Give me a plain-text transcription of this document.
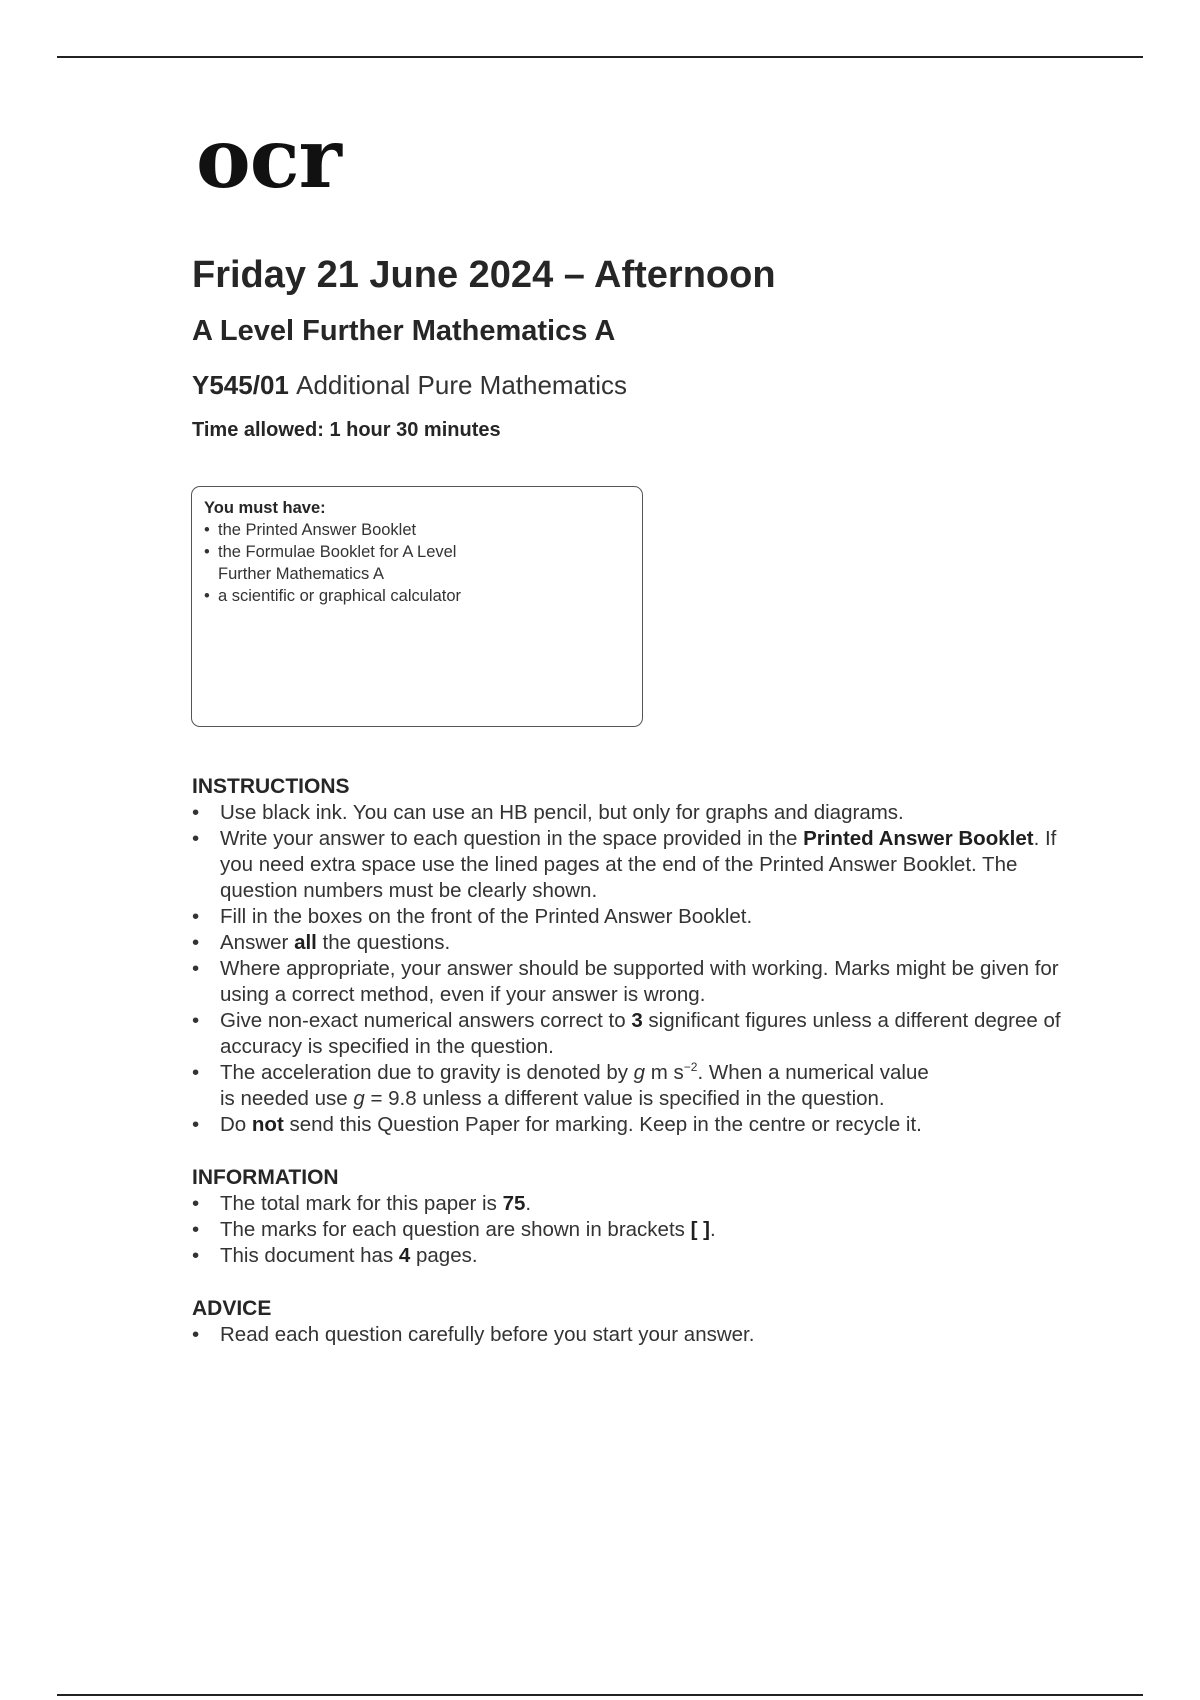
ocr
Friday 21 June 2024 – Afternoon
A Level Further Mathematics A
Y545/01 Additional Pure Mathematics
Time allowed: 1 hour 30 minutes
You must have:
• the Printed Answer Booklet
• the Formulae Booklet for A Level Further Mathematics A
• a scientific or graphical calculator
INSTRUCTIONS
• Use black ink. You can use an HB pencil, but only for graphs and diagrams.
• Write your answer to each question in the space provided in the Printed Answer Booklet. If you need extra space use the lined pages at the end of the Printed Answer Booklet. The question numbers must be clearly shown.
• Fill in the boxes on the front of the Printed Answer Booklet.
• Answer all the questions.
• Where appropriate, your answer should be supported with working. Marks might be given for using a correct method, even if your answer is wrong.
• Give non-exact numerical answers correct to 3 significant figures unless a different degree of accuracy is specified in the question.
• The acceleration due to gravity is denoted by g m $s^{-2}$. When a numerical value
is needed use g = 9.8 unless a different value is specified in the question.
• Do not send this Question Paper for marking. Keep in the centre or recycle it.
INFORMATION
• The total mark for this paper is 75.
• The marks for each question are shown in brackets [ ].
• This document has 4 pages.
ADVICE
• Read each question carefully before you start your answer.
